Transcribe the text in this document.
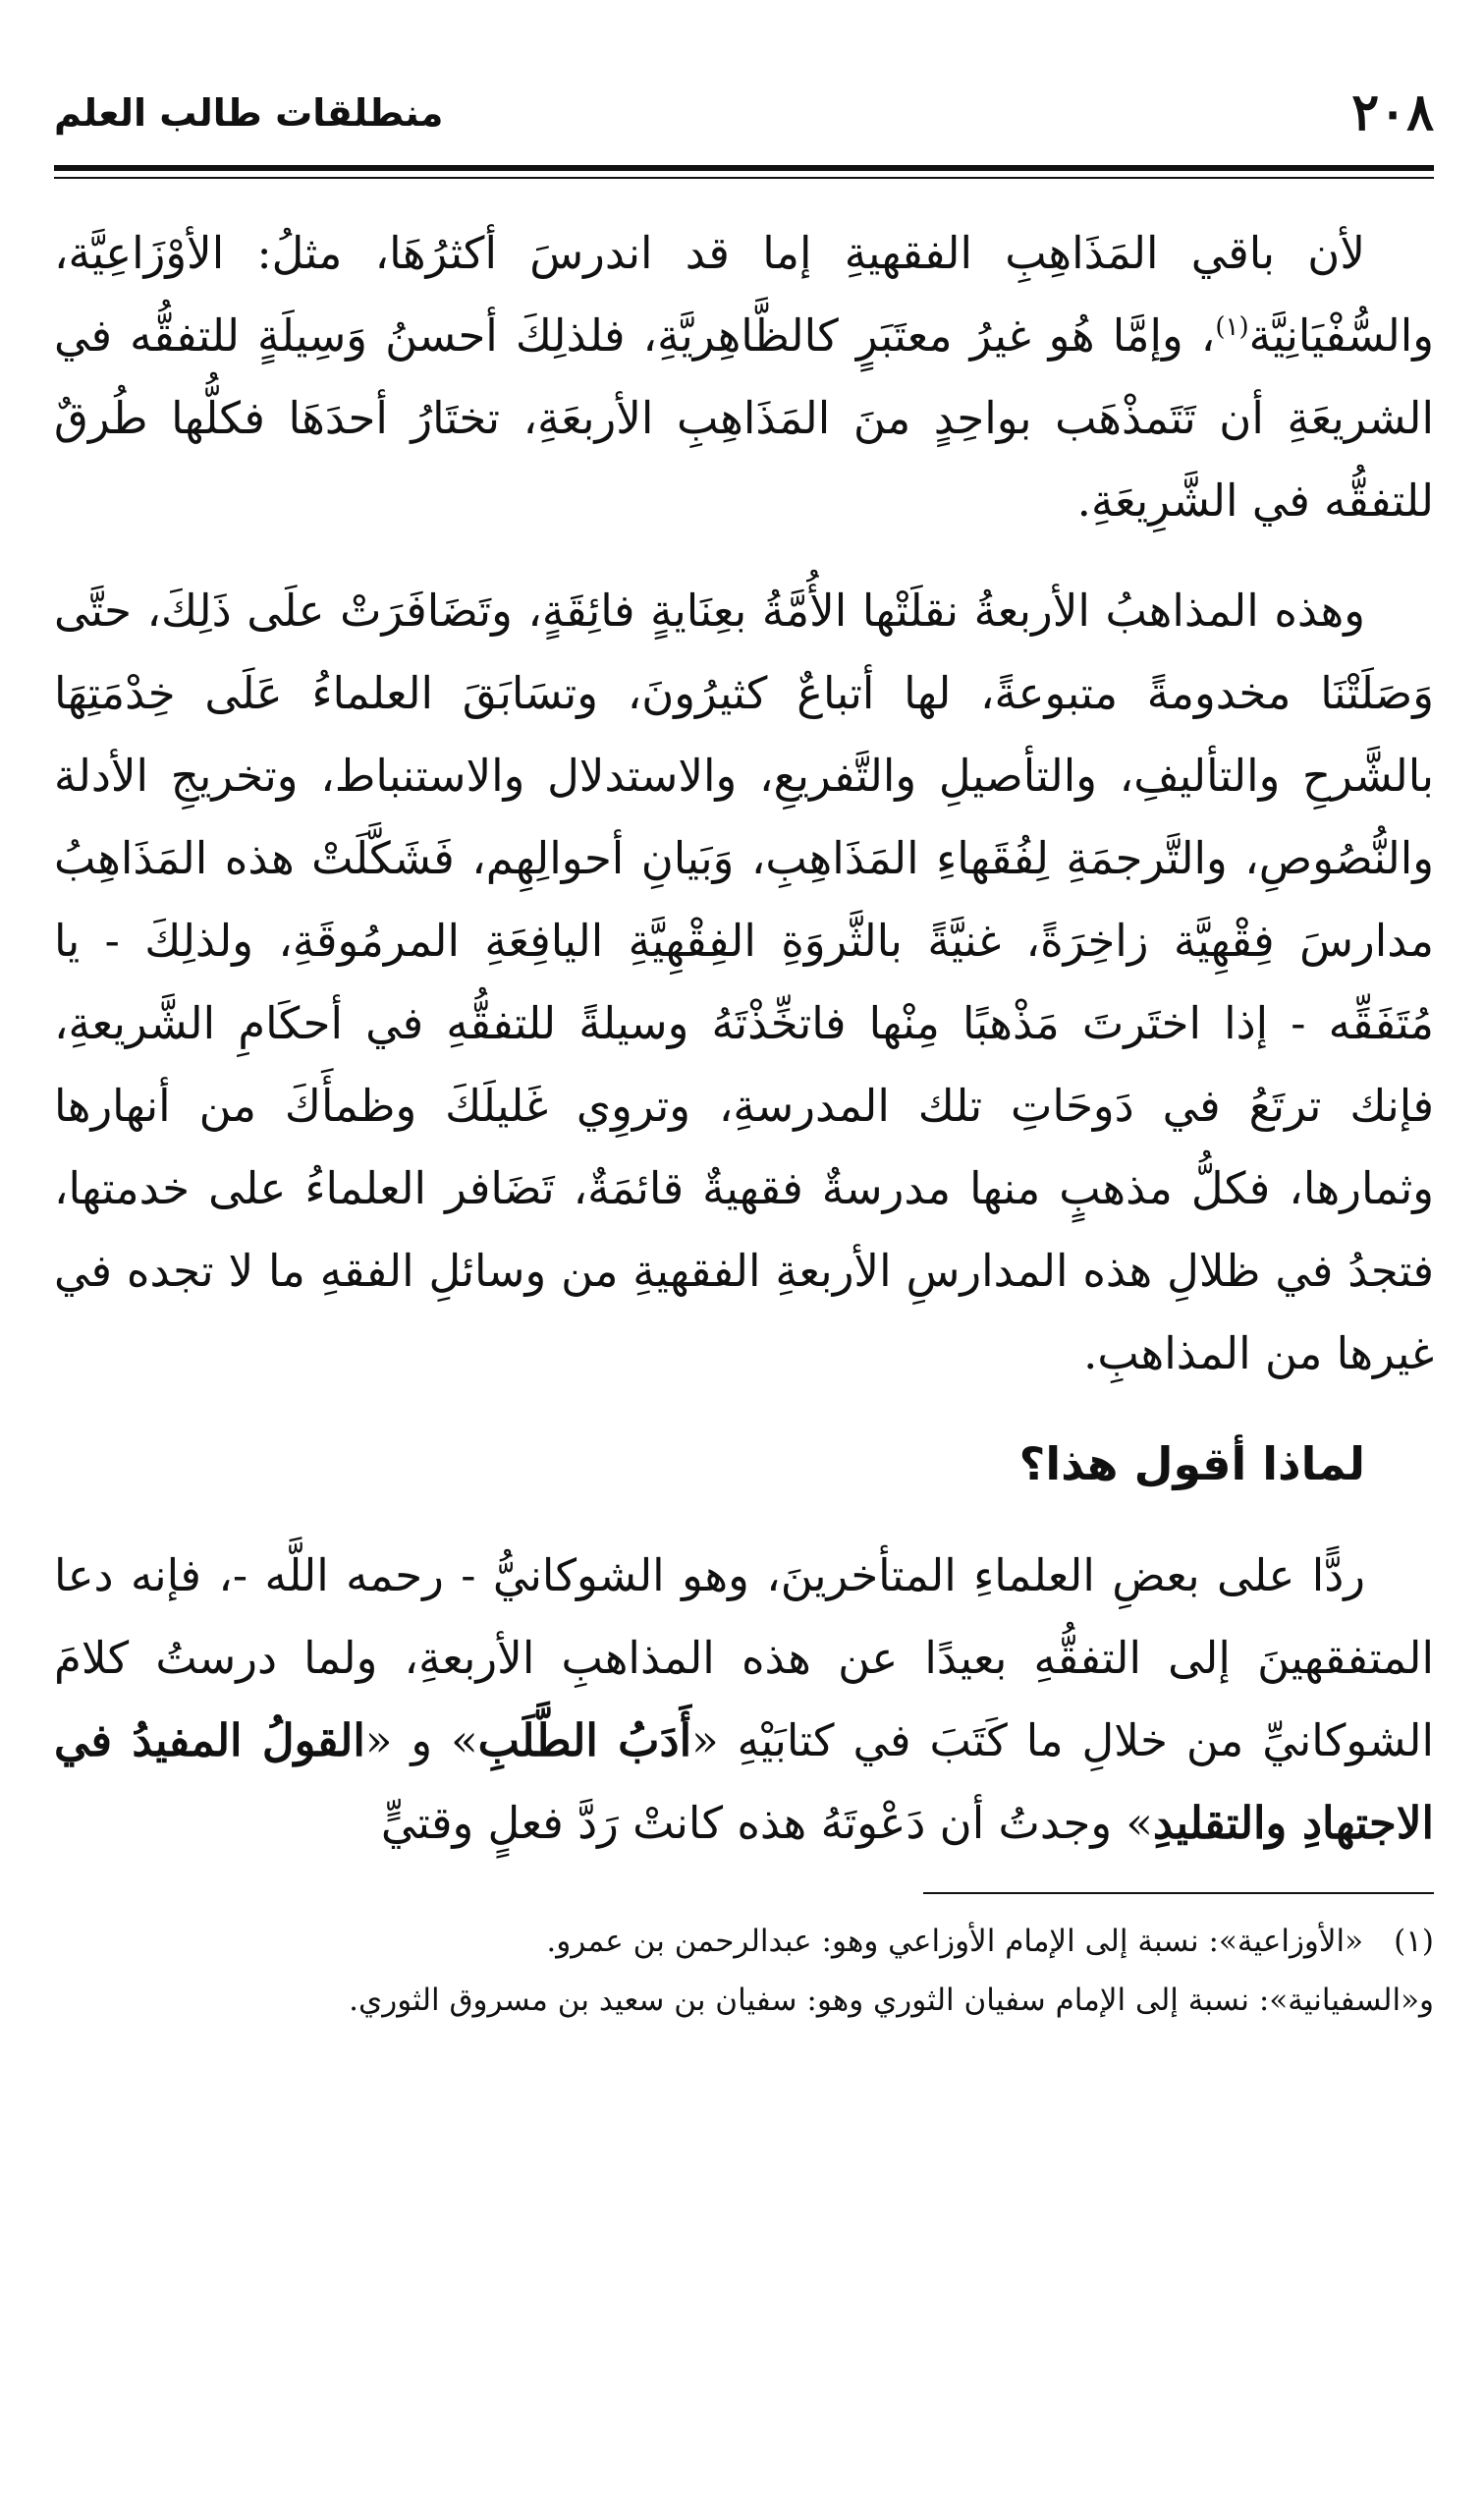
٢٠٨
منطلقات طالب العلم

لأن باقي المَذَاهِبِ الفقهيةِ إما قد اندرسَ أكثرُهَا، مثلُ: الأوْزَاعِيَّة، والسُّفْيَانِيَّة$^{(١)}$، وإمَّا هُو غيرُ معتَبَرٍ كالظَّاهِريَّةِ، فلذلِكَ أحسنُ وَسِيلَةٍ للتفقُّه في الشريعَةِ أن تَتَمذْهَب بواحِدٍ منَ المَذَاهِبِ الأربعَةِ، تختَارُ أحدَهَا فكلُّها طُرقٌ للتفقُّه في الشَّرِيعَةِ.

وهذه المذاهبُ الأربعةُ نقلَتْها الأُمَّةُ بعِنَايةٍ فائِقَةٍ، وتَضَافَرَتْ علَى ذَلِكَ، حتَّى وَصَلَتْنَا مخدومةً متبوعةً، لها أتباعٌ كثيرُونَ، وتسَابَقَ العلماءُ عَلَى خِدْمَتِهَا بالشَّرحِ والتأليفِ، والتأصيلِ والتَّفريعِ، والاستدلال والاستنباط، وتخريجِ الأدلة والنُّصُوصِ، والتَّرجمَةِ لِفُقَهاءِ المَذَاهِبِ، وَبَيانِ أحوالِهِم، فَشَكَّلَتْ هذه المَذَاهِبُ مدارسَ فِقْهِيَّة زاخِرَةً، غنيَّةً بالثَّروَةِ الفِقْهِيَّةِ اليافِعَةِ المرمُوقَةِ، ولذلِكَ - يا مُتَفَقِّه - إذا اختَرتَ مَذْهبًا مِنْها فاتخِّذْتَهُ وسيلةً للتفقُّهِ في أحكَامِ الشَّريعةِ، فإنك ترتَعُ في دَوحَاتِ تلك المدرسةِ، وتروِي غَليلَكَ وظمأَكَ من أنهارها وثمارها، فكلُّ مذهبٍ منها مدرسةٌ فقهيةٌ قائمَةٌ، تَضَافر العلماءُ على خدمتها، فتجدُ في ظلالِ هذه المدارسِ الأربعةِ الفقهيةِ من وسائلِ الفقهِ ما لا تجده في غيرها من المذاهبِ.

لماذا أقول هذا؟

ردًّا على بعضِ العلماءِ المتأخرينَ، وهو الشوكانيُّ - رحمه اللَّه -، فإنه دعا المتفقهينَ إلى التفقُّهِ بعيدًا عن هذه المذاهبِ الأربعةِ، ولما درستُ كلامَ الشوكانيِّ من خلالِ ما كَتَبَ في كتابَيْهِ «أَدَبُ الطَّلَبِ» و «القولُ المفيدُ في الاجتهادِ والتقليدِ» وجدتُ أن دَعْوتَهُ هذه كانتْ رَدَّ فعلٍ وقتيٍّ

(١) «الأوزاعية»: نسبة إلى الإمام الأوزاعي وهو: عبدالرحمن بن عمرو.

و«السفيانية»: نسبة إلى الإمام سفيان الثوري وهو: سفيان بن سعيد بن مسروق الثوري.
